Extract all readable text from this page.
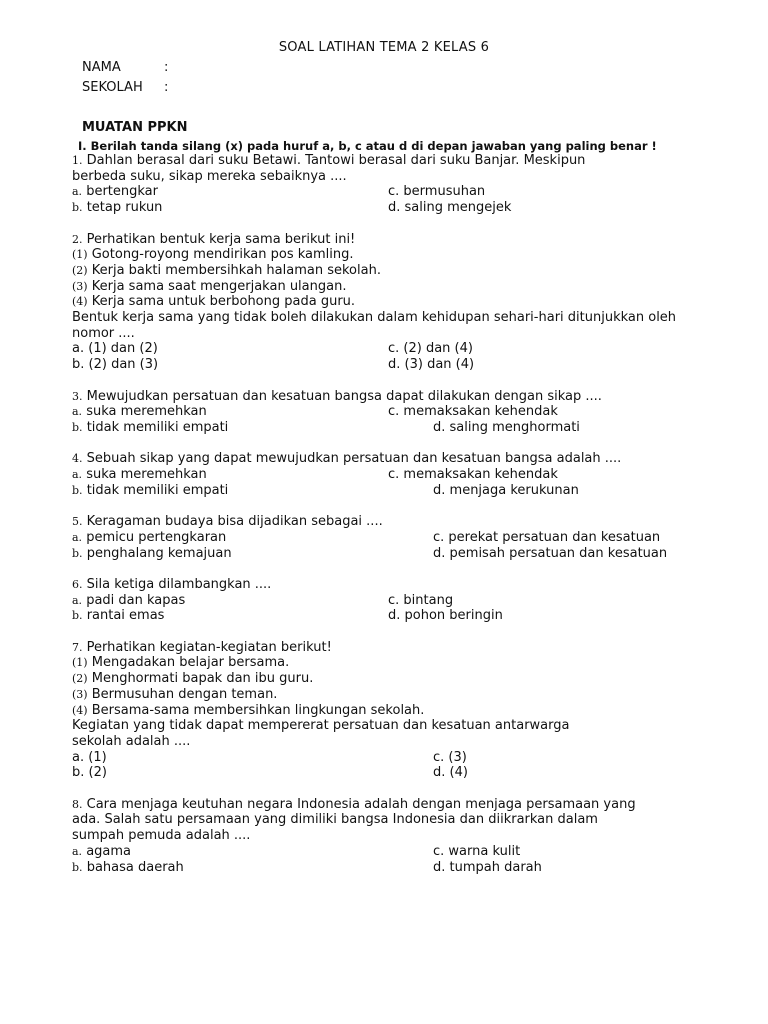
SOAL LATIHAN TEMA 2 KELAS 6
NAMA	:
SEKOLAH :
MUATAN PPKN
I. Berilah tanda silang (x) pada huruf a, b, c atau d di depan jawaban yang paling benar !
1. Dahlan berasal dari suku Betawi. Tantowi berasal dari suku Banjar. Meskipun
berbeda suku, sikap mereka sebaiknya ....
a. bertengkar	c. bermusuhan
b. tetap rukun	d. saling mengejek
2. Perhatikan bentuk kerja sama berikut ini!
(1) Gotong-royong mendirikan pos kamling.
(2) Kerja bakti membersihkah halaman sekolah.
(3) Kerja sama saat mengerjakan ulangan.
(4) Kerja sama untuk berbohong pada guru.
Bentuk kerja sama yang tidak boleh dilakukan dalam kehidupan sehari-hari ditunjukkan oleh
nomor ....
a. (1) dan (2)	c. (2) dan (4)
b. (2) dan (3)	d. (3) dan (4)
3. Mewujudkan persatuan dan kesatuan bangsa dapat dilakukan dengan sikap ....
a. suka meremehkan	c. memaksakan kehendak
b. tidak memiliki empati	d. saling menghormati
4. Sebuah sikap yang dapat mewujudkan persatuan dan kesatuan bangsa adalah ....
a. suka meremehkan	c. memaksakan kehendak
b. tidak memiliki empati	d. menjaga kerukunan
5. Keragaman budaya bisa dijadikan sebagai ....
a. pemicu pertengkaran	c. perekat persatuan dan kesatuan
b. penghalang kemajuan	d. pemisah persatuan dan kesatuan
6. Sila ketiga dilambangkan ....
a. padi dan kapas	c. bintang
b. rantai emas	d. pohon beringin
7. Perhatikan kegiatan-kegiatan berikut!
(1) Mengadakan belajar bersama.
(2) Menghormati bapak dan ibu guru.
(3) Bermusuhan dengan teman.
(4) Bersama-sama membersihkan lingkungan sekolah.
Kegiatan yang tidak dapat mempererat persatuan dan kesatuan antarwarga
sekolah adalah ....
a. (1)	c. (3)
b. (2)	d. (4)
8. Cara menjaga keutuhan negara Indonesia adalah dengan menjaga persamaan yang
ada. Salah satu persamaan yang dimiliki bangsa Indonesia dan diikrarkan dalam
sumpah pemuda adalah ....
a. agama	c. warna kulit
b. bahasa daerah	d. tumpah darah
